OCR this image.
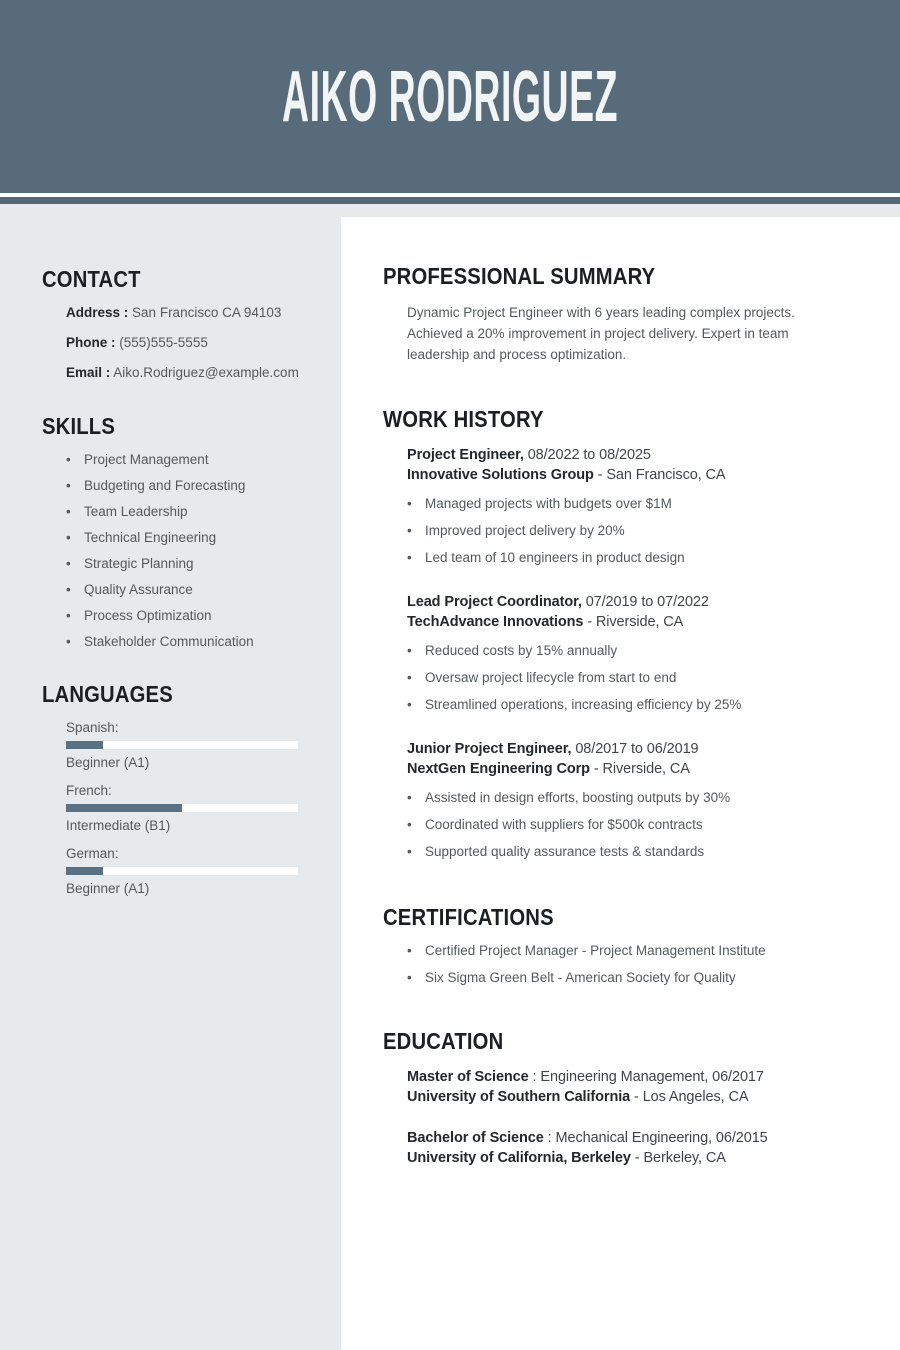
AIKO RODRIGUEZ
CONTACT
Address : San Francisco CA 94103
Phone : (555)555-5555
Email : Aiko.Rodriguez@example.com
SKILLS
• Project Management
• Budgeting and Forecasting
• Team Leadership
• Technical Engineering
• Strategic Planning
• Quality Assurance
• Process Optimization
• Stakeholder Communication
LANGUAGES
Spanish:
Beginner (A1)
French:
Intermediate (B1)
German:
Beginner (A1)
PROFESSIONAL SUMMARY

Dynamic Project Engineer with 6 years leading complex projects. Achieved a 20% improvement in project delivery. Expert in team leadership and process optimization.

WORK HISTORY
Project Engineer, 08/2022 to 08/2025
Innovative Solutions Group - San Francisco, CA
• Managed projects with budgets over $1M
• Improved project delivery by 20%
• Led team of 10 engineers in product design
Lead Project Coordinator, 07/2019 to 07/2022
TechAdvance Innovations - Riverside, CA
• Reduced costs by 15% annually
• Oversaw project lifecycle from start to end
• Streamlined operations, increasing efficiency by 25%
Junior Project Engineer, 08/2017 to 06/2019
NextGen Engineering Corp - Riverside, CA
• Assisted in design efforts, boosting outputs by 30%
• Coordinated with suppliers for $500k contracts
• Supported quality assurance tests & standards
CERTIFICATIONS
• Certified Project Manager - Project Management Institute
• Six Sigma Green Belt - American Society for Quality
EDUCATION
Master of Science : Engineering Management, 06/2017
University of Southern California - Los Angeles, CA
Bachelor of Science : Mechanical Engineering, 06/2015
University of California, Berkeley - Berkeley, CA
